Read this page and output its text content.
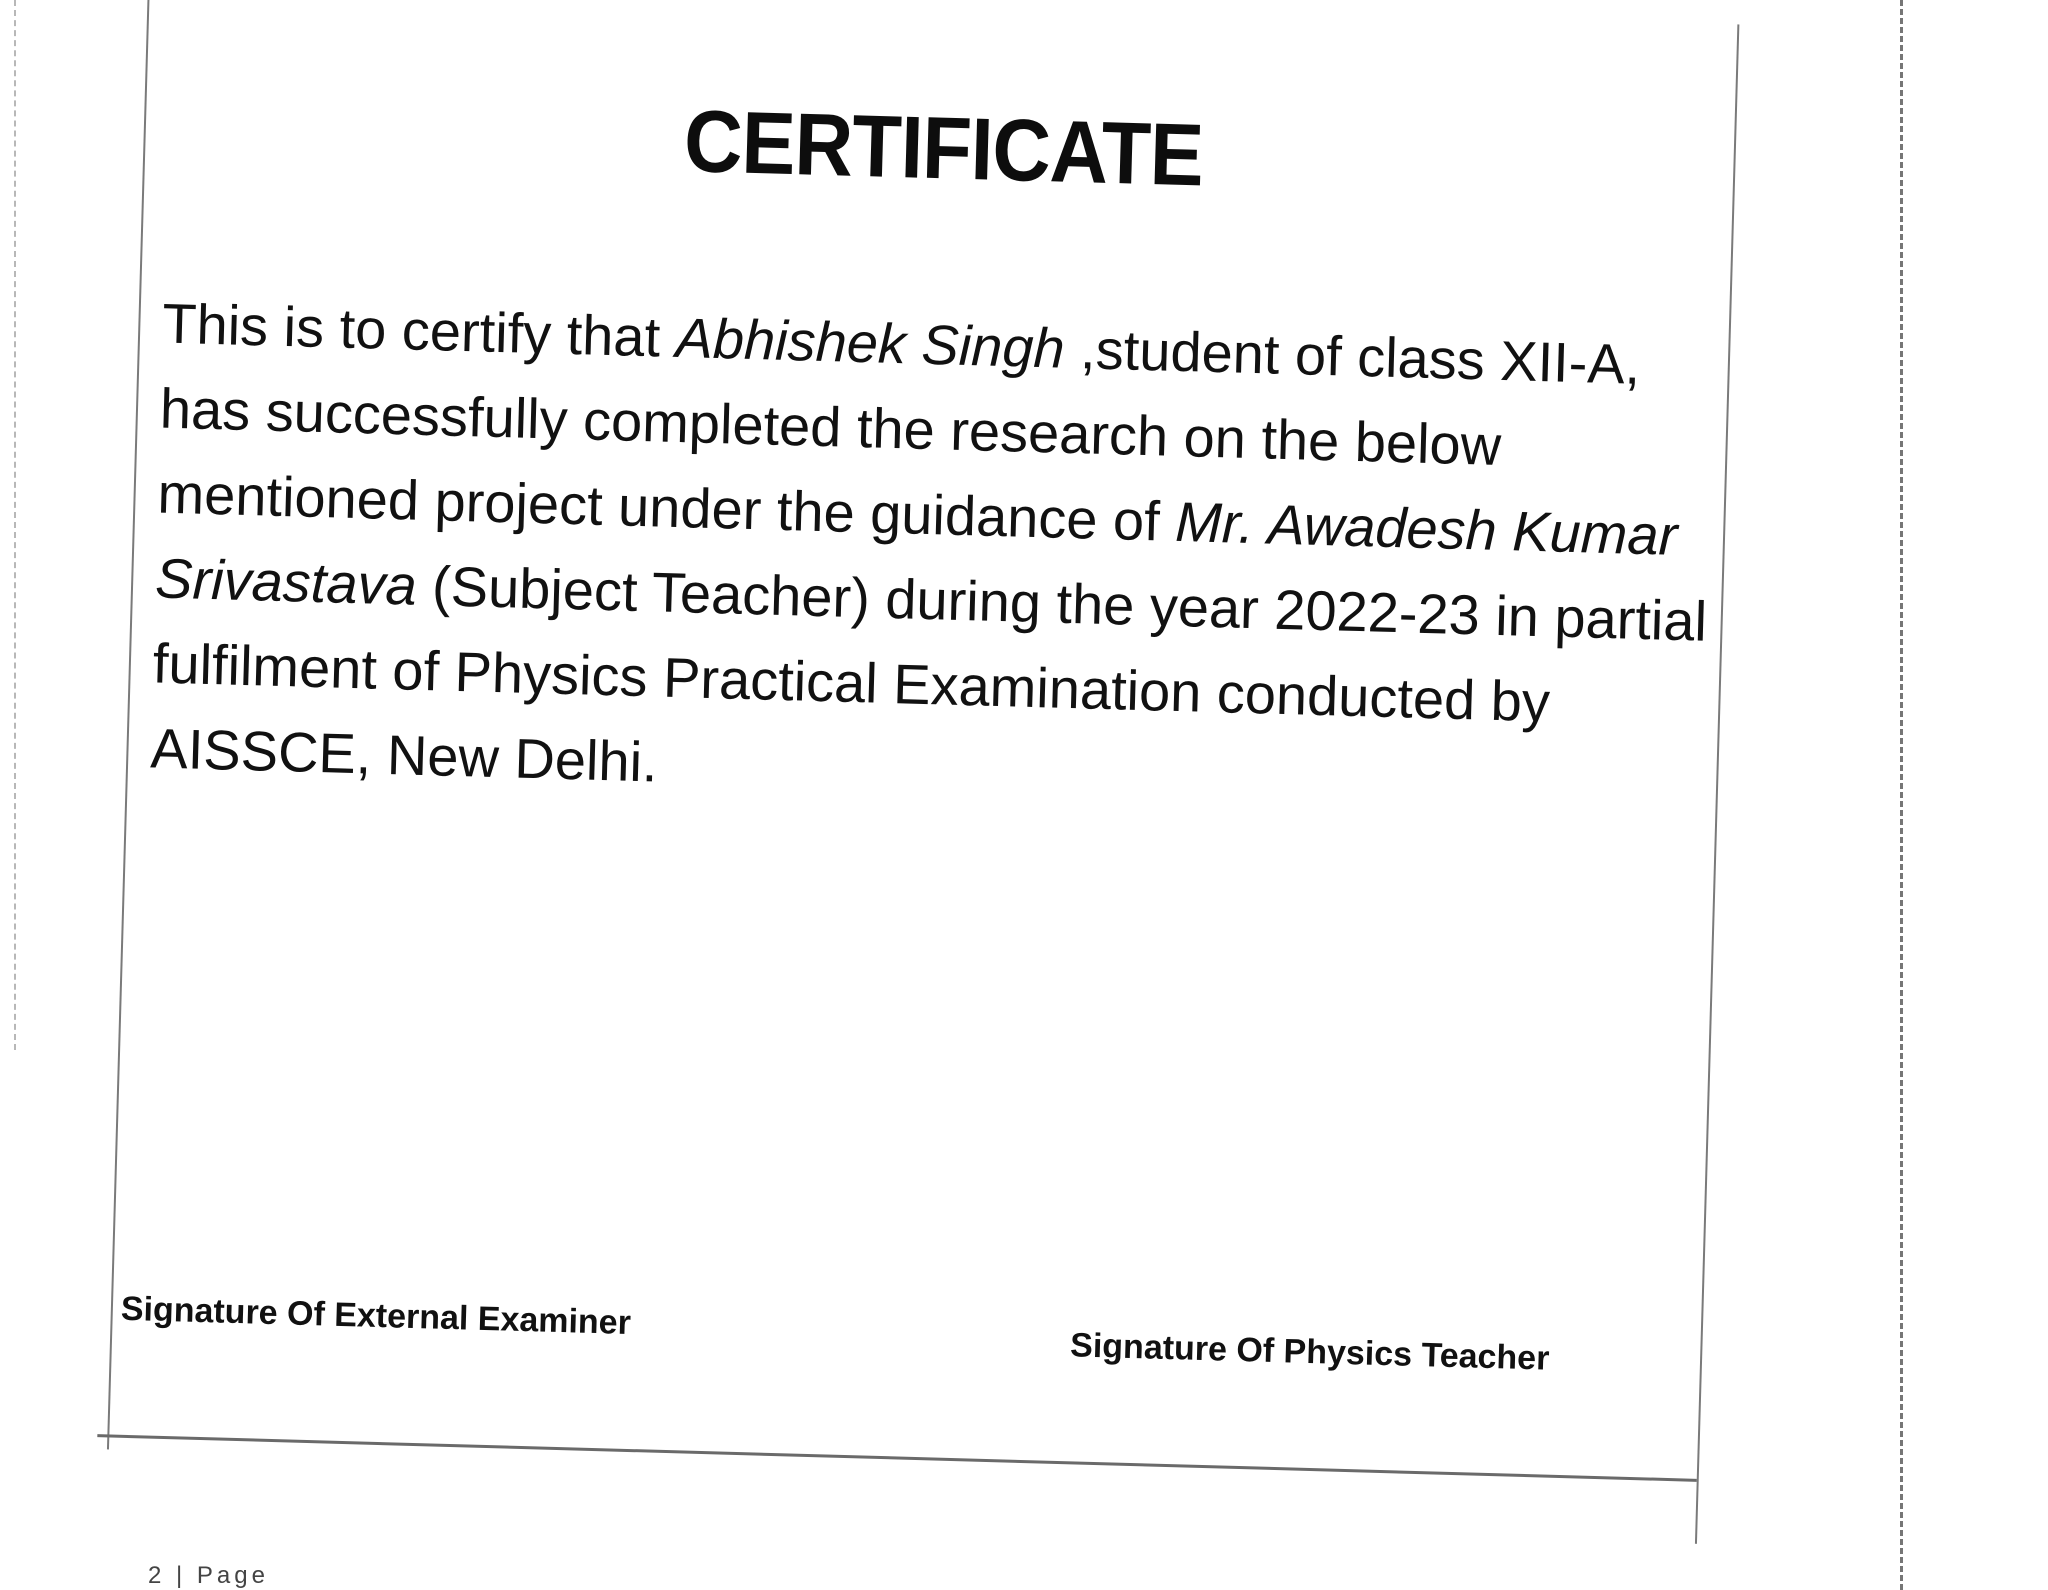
CERTIFICATE
This is to certify that Abhishek Singh ,student of class XII-A, has successfully completed the research on the below mentioned project under the guidance of Mr. Awadesh Kumar Srivastava (Subject Teacher) during the year 2022-23 in partial fulfilment of Physics Practical Examination conducted by AISSCE, New Delhi.
Signature Of External Examiner
Signature Of Physics Teacher
2 | Page
